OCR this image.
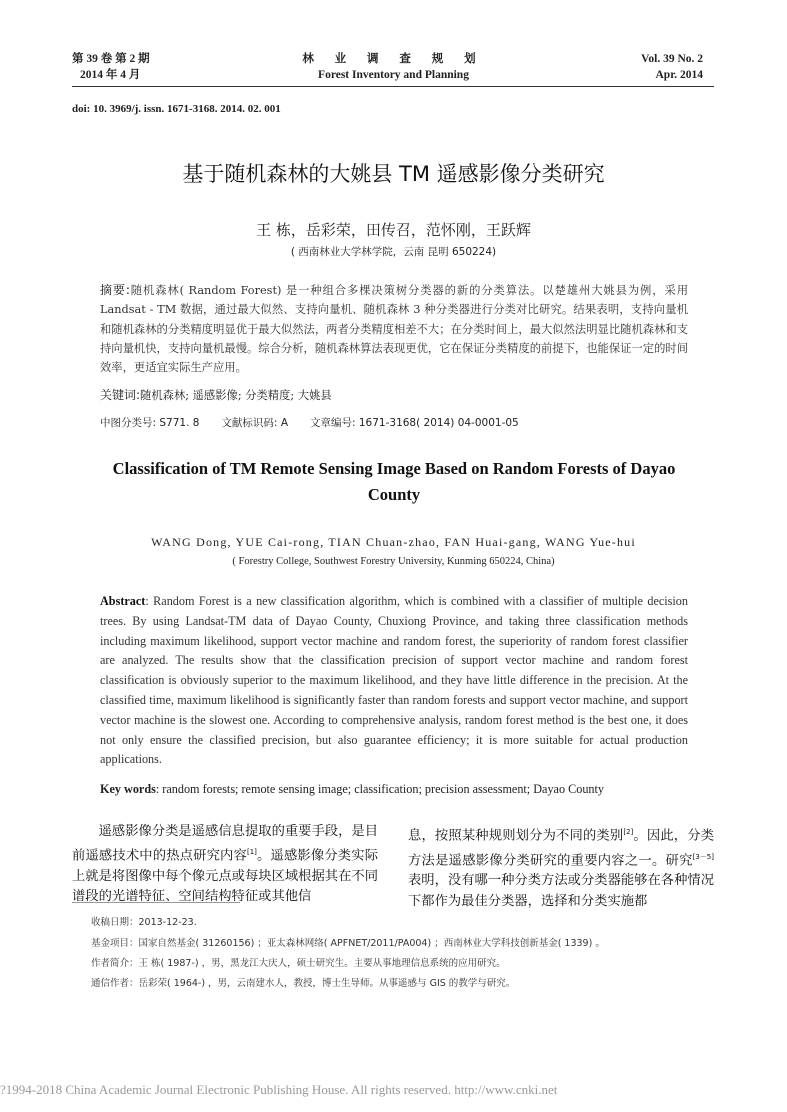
第 39 卷 第 2 期
2014 年 4 月
林 业 调 查 规 划
Forest Inventory and Planning
Vol. 39 No. 2
Apr. 2014
doi: 10. 3969/j. issn. 1671-3168. 2014. 02. 001
基于随机森林的大姚县 TM 遥感影像分类研究
王 栋，岳彩荣，田传召，范怀刚，王跃辉
( 西南林业大学林学院，云南 昆明 650224)
摘要:随机森林( Random Forest) 是一种组合多棵决策树分类器的新的分类算法。以楚雄州大姚县为例，采用 Landsat - TM 数据，通过最大似然、支持向量机、随机森林 3 种分类器进行分类对比研究。结果表明，支持向量机和随机森林的分类精度明显优于最大似然法，两者分类精度相差不大；在分类时间上，最大似然法明显比随机森林和支持向量机快，支持向量机最慢。综合分析，随机森林算法表现更优，它在保证分类精度的前提下，也能保证一定的时间效率，更适宜实际生产应用。
关键词:随机森林; 遥感影像; 分类精度; 大姚县
中图分类号: S771. 8 文献标识码: A 文章编号: 1671-3168( 2014) 04-0001-05
Classification of TM Remote Sensing Image Based on Random Forests of Dayao County
WANG Dong, YUE Cai-rong, TIAN Chuan-zhao, FAN Huai-gang, WANG Yue-hui
( Forestry College, Southwest Forestry University, Kunming 650224, China)
Abstract: Random Forest is a new classification algorithm, which is combined with a classifier of multiple decision trees. By using Landsat-TM data of Dayao County, Chuxiong Province, and taking three classification methods including maximum likelihood, support vector machine and random forest, the superiority of random forest classifier are analyzed. The results show that the classification precision of support vector machine and random forest classification is obviously superior to the maximum likelihood, and they have little difference in the precision. At the classified time, maximum likelihood is significantly faster than random forests and support vector machine, and support vector machine is the slowest one. According to comprehensive analysis, random forest method is the best one, it does not only ensure the classified precision, but also guarantee efficiency; it is more suitable for actual production applications.
Key words: random forests; remote sensing image; classification; precision assessment; Dayao County
遥感影像分类是遥感信息提取的重要手段，是目前遥感技术中的热点研究内容[1]。遥感影像分类实际上就是将图像中每个像元点或每块区域根据其在不同谱段的光谱特征、空间结构特征或其他信
息，按照某种规则划分为不同的类别[2]。因此，分类方法是遥感影像分类研究的重要内容之一。研究[3－5]表明，没有哪一种分类方法或分类器能够在各种情况下都作为最佳分类器，选择和分类实施都
收稿日期：2013-12-23.
基金项目：国家自然基金( 31260156) ；亚太森林网络( APFNET/2011/PA004) ；西南林业大学科技创新基金( 1339) 。
作者简介：王 栋( 1987-) ，男，黑龙江大庆人，硕士研究生。主要从事地理信息系统的应用研究。
通信作者：岳彩荣( 1964-) ，男，云南建水人，教授，博士生导师。从事遥感与 GIS 的教学与研究。
?1994-2018 China Academic Journal Electronic Publishing House. All rights reserved. http://www.cnki.net
